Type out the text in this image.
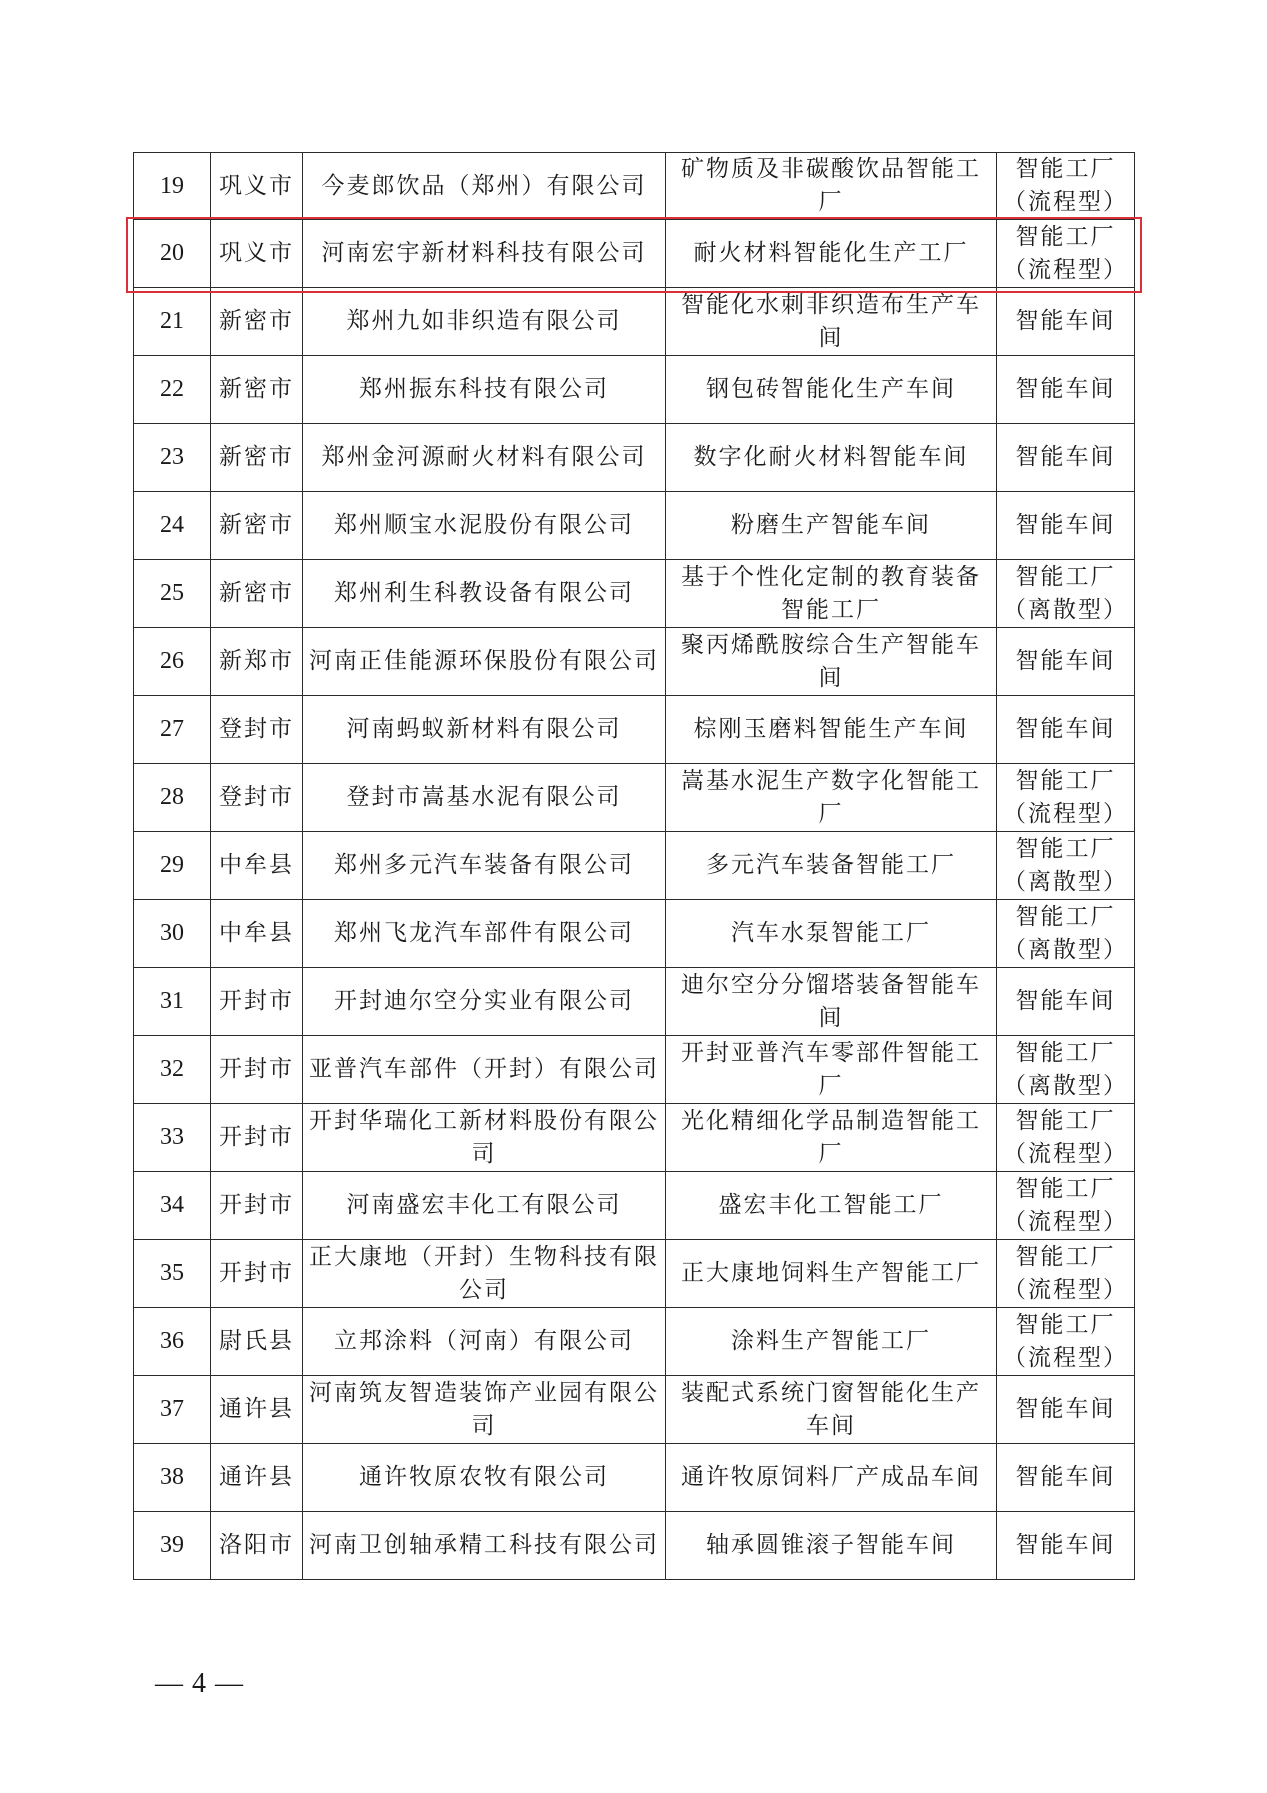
19	巩义市	今麦郎饮品（郑州）有限公司	矿物质及非碳酸饮品智能工厂	智能工厂（流程型）
20	巩义市	河南宏宇新材料科技有限公司	耐火材料智能化生产工厂	智能工厂（流程型）
21	新密市	郑州九如非织造有限公司	智能化水刺非织造布生产车间	智能车间
22	新密市	郑州振东科技有限公司	钢包砖智能化生产车间	智能车间
23	新密市	郑州金河源耐火材料有限公司	数字化耐火材料智能车间	智能车间
24	新密市	郑州顺宝水泥股份有限公司	粉磨生产智能车间	智能车间
25	新密市	郑州利生科教设备有限公司	基于个性化定制的教育装备智能工厂	智能工厂（离散型）
26	新郑市	河南正佳能源环保股份有限公司	聚丙烯酰胺综合生产智能车间	智能车间
27	登封市	河南蚂蚁新材料有限公司	棕刚玉磨料智能生产车间	智能车间
28	登封市	登封市嵩基水泥有限公司	嵩基水泥生产数字化智能工厂	智能工厂（流程型）
29	中牟县	郑州多元汽车装备有限公司	多元汽车装备智能工厂	智能工厂（离散型）
30	中牟县	郑州飞龙汽车部件有限公司	汽车水泵智能工厂	智能工厂（离散型）
31	开封市	开封迪尔空分实业有限公司	迪尔空分分馏塔装备智能车间	智能车间
32	开封市	亚普汽车部件（开封）有限公司	开封亚普汽车零部件智能工厂	智能工厂（离散型）
33	开封市	开封华瑞化工新材料股份有限公司	光化精细化学品制造智能工厂	智能工厂（流程型）
34	开封市	河南盛宏丰化工有限公司	盛宏丰化工智能工厂	智能工厂（流程型）
35	开封市	正大康地（开封）生物科技有限公司	正大康地饲料生产智能工厂	智能工厂（流程型）
36	尉氏县	立邦涂料（河南）有限公司	涂料生产智能工厂	智能工厂（流程型）
37	通许县	河南筑友智造装饰产业园有限公司	装配式系统门窗智能化生产车间	智能车间
38	通许县	通许牧原农牧有限公司	通许牧原饲料厂产成品车间	智能车间
39	洛阳市	河南卫创轴承精工科技有限公司	轴承圆锥滚子智能车间	智能车间
— 4 —
